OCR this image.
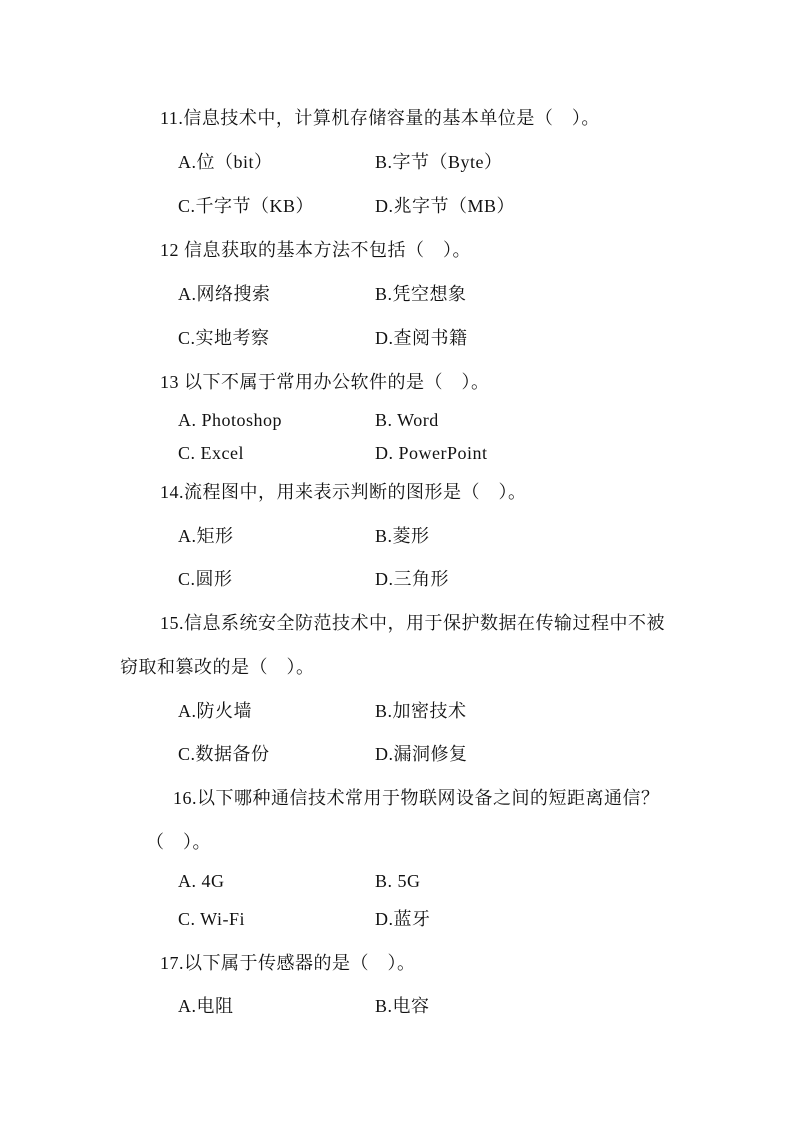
11.信息技术中，计算机存储容量的基本单位是（　）。
A.位（bit）	B.字节（Byte）
C.千字节（KB）	D.兆字节（MB）
12 信息获取的基本方法不包括（　）。
A.网络搜索	B.凭空想象
C.实地考察	D.查阅书籍
13 以下不属于常用办公软件的是（　）。
A. Photoshop	B. Word
C. Excel	D. PowerPoint
14.流程图中，用来表示判断的图形是（　）。
A.矩形	B.菱形
C.圆形	D.三角形
15.信息系统安全防范技术中，用于保护数据在传输过程中不被
窃取和篡改的是（　）。
A.防火墙	B.加密技术
C.数据备份	D.漏洞修复
16.以下哪种通信技术常用于物联网设备之间的短距离通信？
（　）。
A. 4G	B. 5G
C. Wi-Fi	D.蓝牙
17.以下属于传感器的是（　）。
A.电阻	B.电容
